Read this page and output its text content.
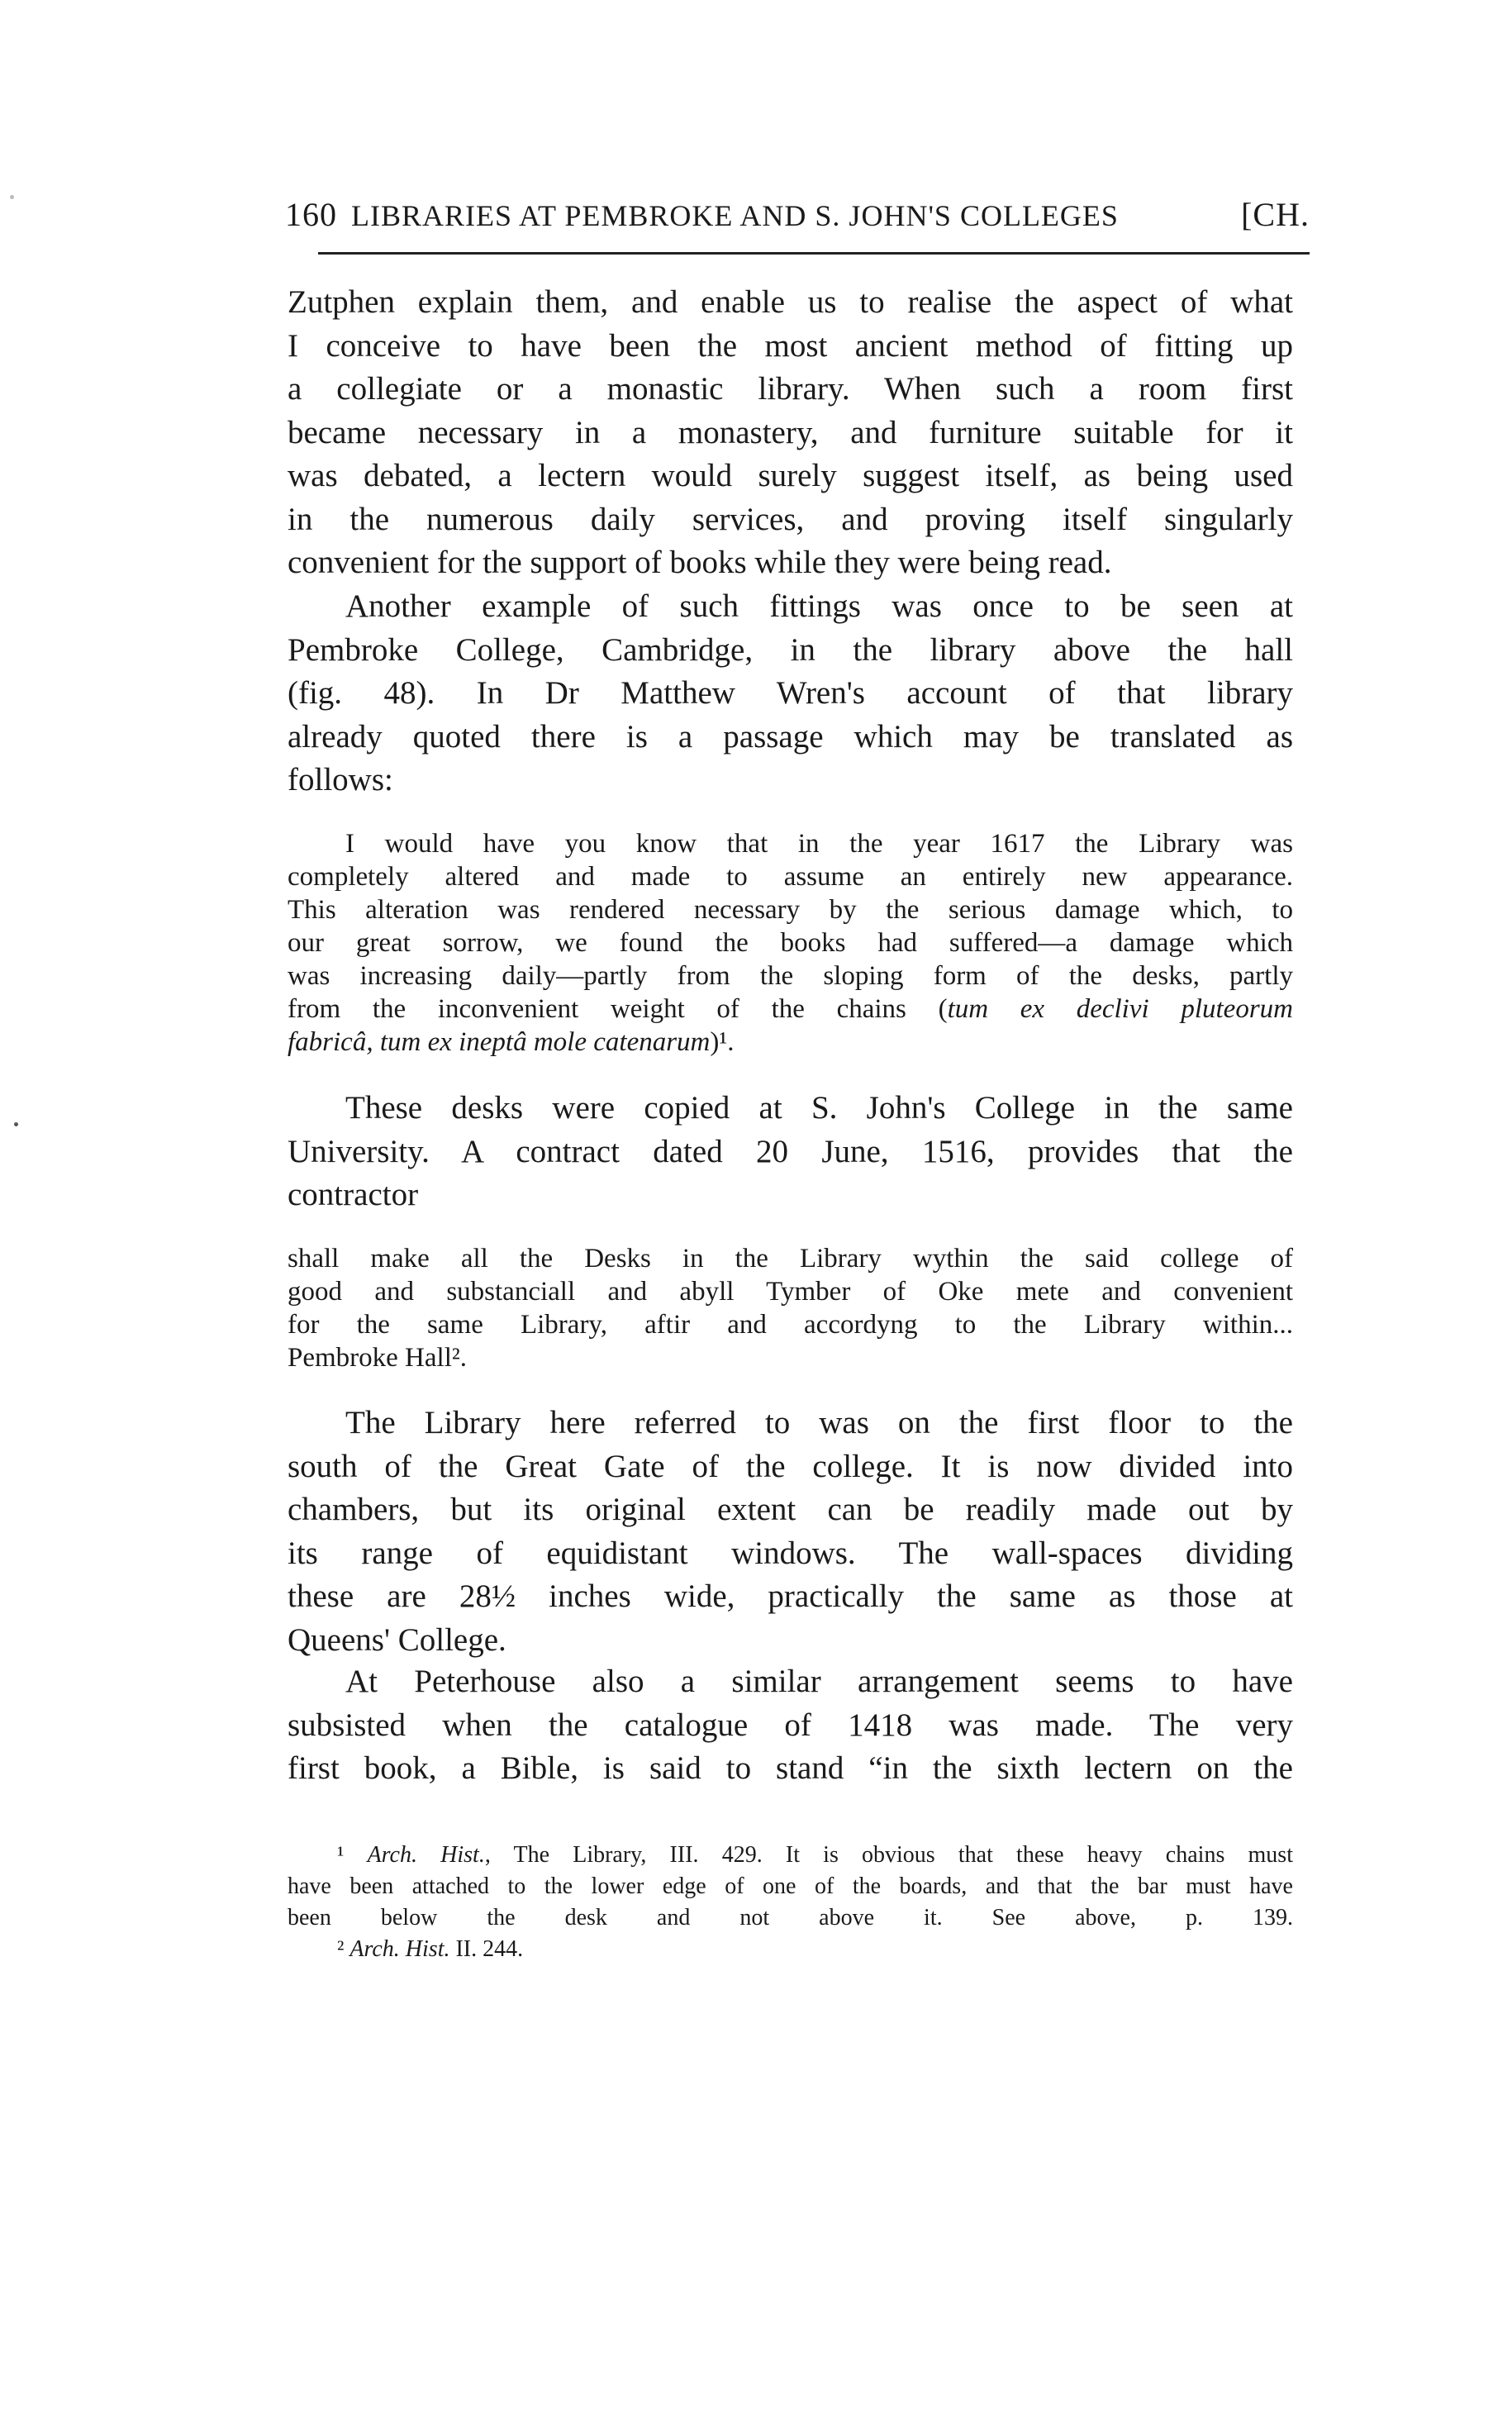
160 LIBRARIES AT PEMBROKE AND S. JOHN'S COLLEGES	[CH.
Zutphen explain them, and enable us to realise the aspect of what
I conceive to have been the most ancient method of fitting up
a collegiate or a monastic library. When such a room first
became necessary in a monastery, and furniture suitable for it
was debated, a lectern would surely suggest itself, as being used
in the numerous daily services, and proving itself singularly
convenient for the support of books while they were being read.
Another example of such fittings was once to be seen at
Pembroke College, Cambridge, in the library above the hall
(fig. 48). In Dr Matthew Wren's account of that library
already quoted there is a passage which may be translated as
follows:
I would have you know that in the year 1617 the Library was
completely altered and made to assume an entirely new appearance.
This alteration was rendered necessary by the serious damage which, to
our great sorrow, we found the books had suffered—a damage which
was increasing daily—partly from the sloping form of the desks, partly
from the inconvenient weight of the chains (tum ex declivi pluteorum
fabricâ, tum ex ineptâ mole catenarum)¹.
These desks were copied at S. John's College in the same
University. A contract dated 20 June, 1516, provides that the
contractor
shall make all the Desks in the Library wythin the said college of
good and substanciall and abyll Tymber of Oke mete and convenient
for the same Library, aftir and accordyng to the Library within...
Pembroke Hall².
The Library here referred to was on the first floor to the
south of the Great Gate of the college. It is now divided into
chambers, but its original extent can be readily made out by
its range of equidistant windows. The wall-spaces dividing
these are 28½ inches wide, practically the same as those at
Queens' College.
At Peterhouse also a similar arrangement seems to have
subsisted when the catalogue of 1418 was made. The very
first book, a Bible, is said to stand “in the sixth lectern on the
¹ Arch. Hist., The Library, III. 429. It is obvious that these heavy chains must
have been attached to the lower edge of one of the boards, and that the bar must have
been below the desk and not above it. See above, p. 139.
² Arch. Hist. II. 244.
